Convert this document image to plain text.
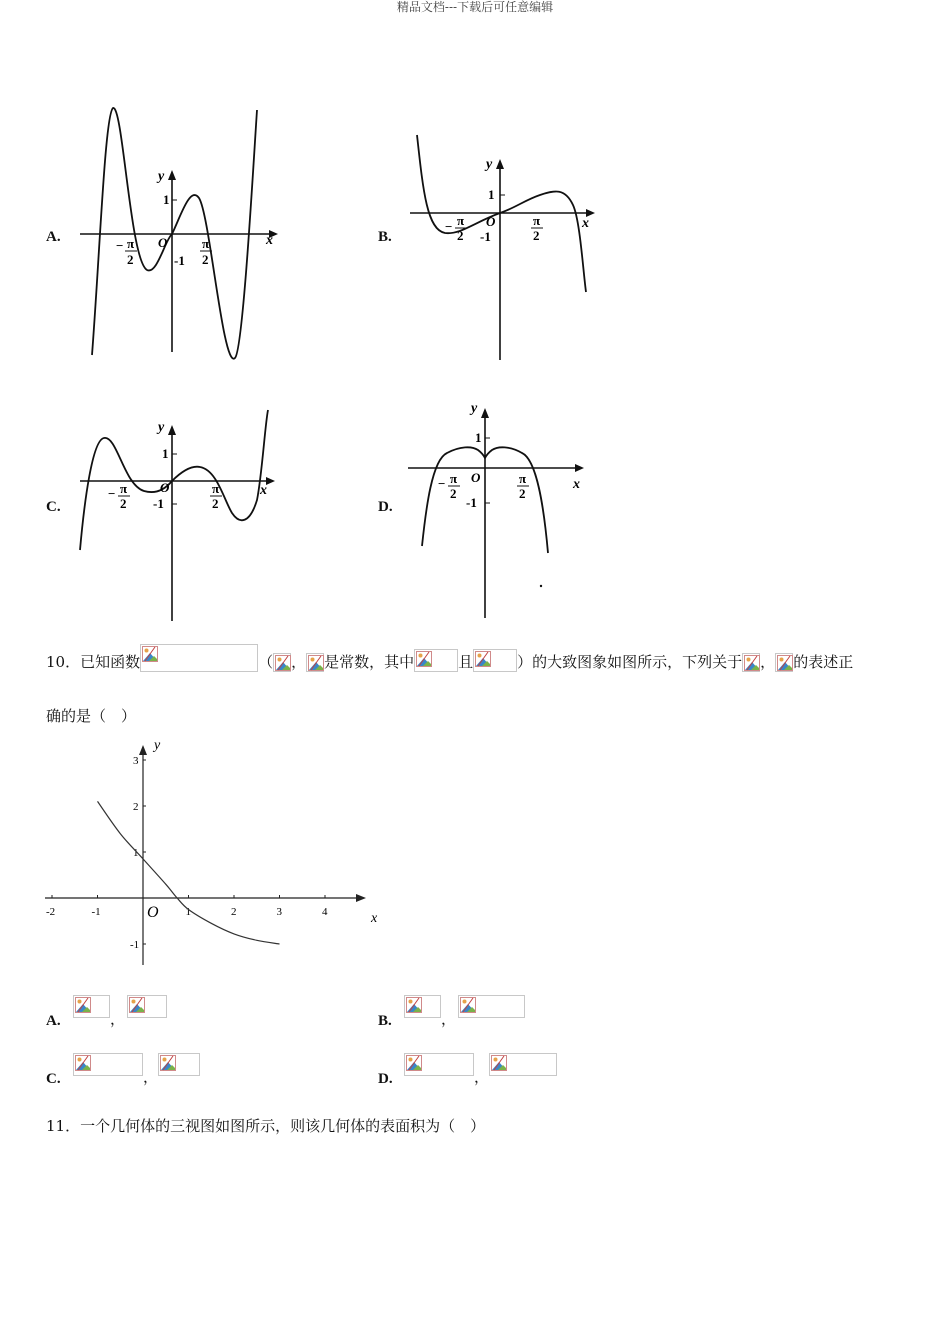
精品文档---下载后可任意编辑
A.	x
y
1
O
-1
− π
2
π
2
B.
x
y
1
O
-1
− π
2
π
2
C.
x
y
1
O
-1
− π
2
π
2	D.
x
y
1
O
-1
− π
2
π
2
10．已知函数	（ ， 是常数，其中	且	）的大致图象如图所示，下列关于 ， 的表述正
确的是（　）
-2	-1	1	2	3	4
-1
1
2
3
x
y
O
A.	，	B.	，
C.	，	D.	，
11．一个几何体的三视图如图所示，则该几何体的表面积为（　）
